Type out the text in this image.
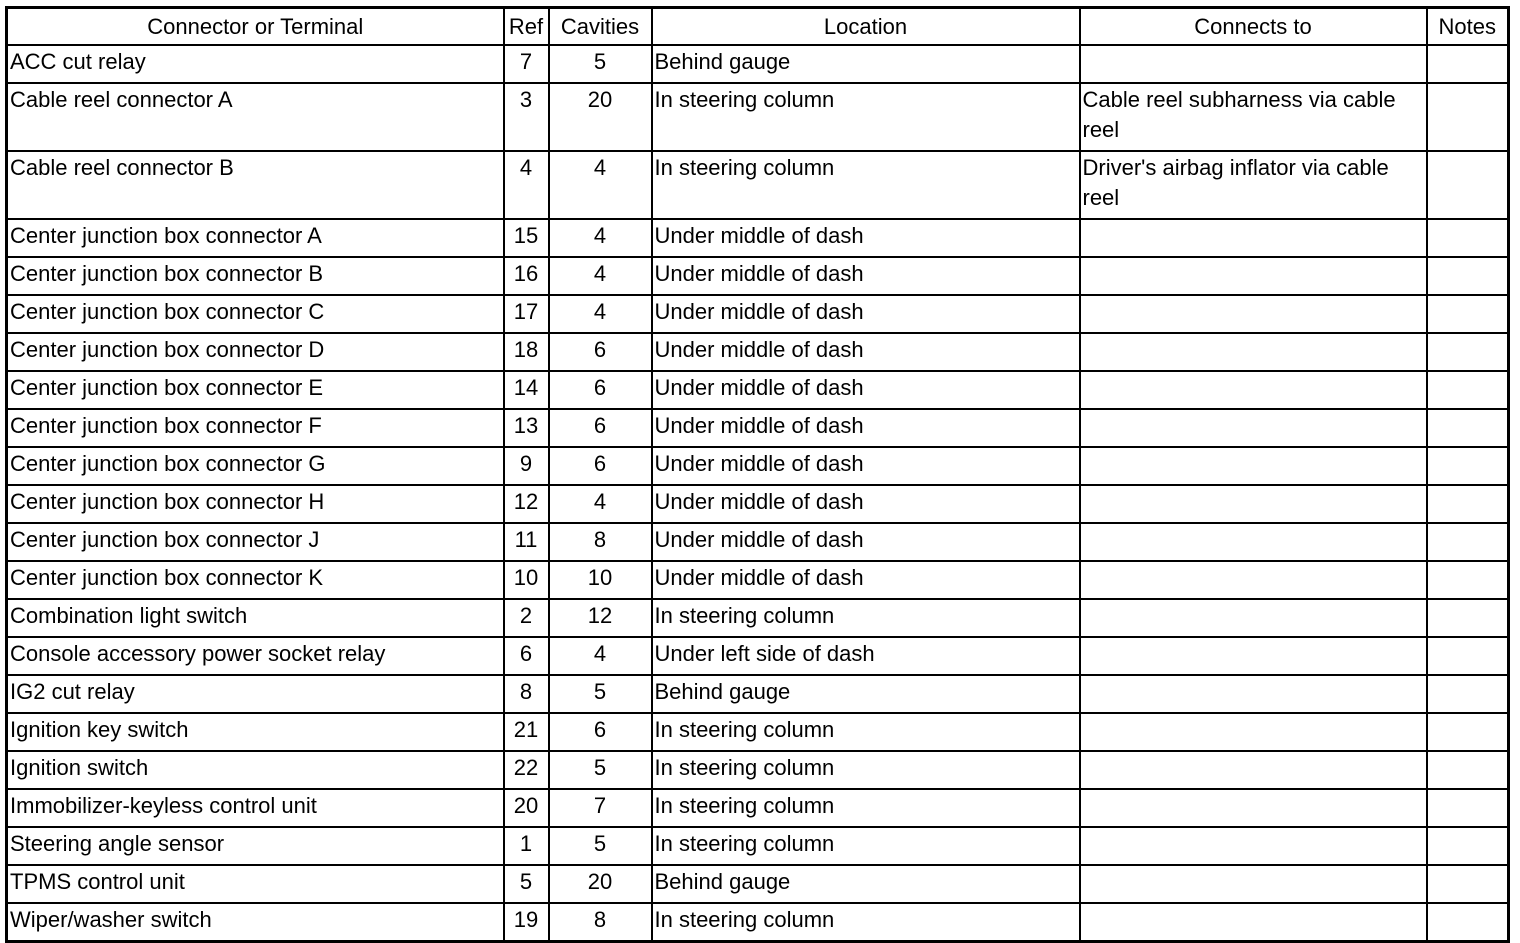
Connector or Terminal	Ref	Cavities	Location	Connects to	Notes
ACC cut relay	7	5	Behind gauge		
Cable reel connector A	3	20	In steering column	Cable reel subharness via cable reel	
Cable reel connector B	4	4	In steering column	Driver's airbag inflator via cable reel	
Center junction box connector A	15	4	Under middle of dash		
Center junction box connector B	16	4	Under middle of dash		
Center junction box connector C	17	4	Under middle of dash		
Center junction box connector D	18	6	Under middle of dash		
Center junction box connector E	14	6	Under middle of dash		
Center junction box connector F	13	6	Under middle of dash		
Center junction box connector G	9	6	Under middle of dash		
Center junction box connector H	12	4	Under middle of dash		
Center junction box connector J	11	8	Under middle of dash		
Center junction box connector K	10	10	Under middle of dash		
Combination light switch	2	12	In steering column		
Console accessory power socket relay	6	4	Under left side of dash		
IG2 cut relay	8	5	Behind gauge		
Ignition key switch	21	6	In steering column		
Ignition switch	22	5	In steering column		
Immobilizer-keyless control unit	20	7	In steering column		
Steering angle sensor	1	5	In steering column		
TPMS control unit	5	20	Behind gauge		
Wiper/washer switch	19	8	In steering column		
